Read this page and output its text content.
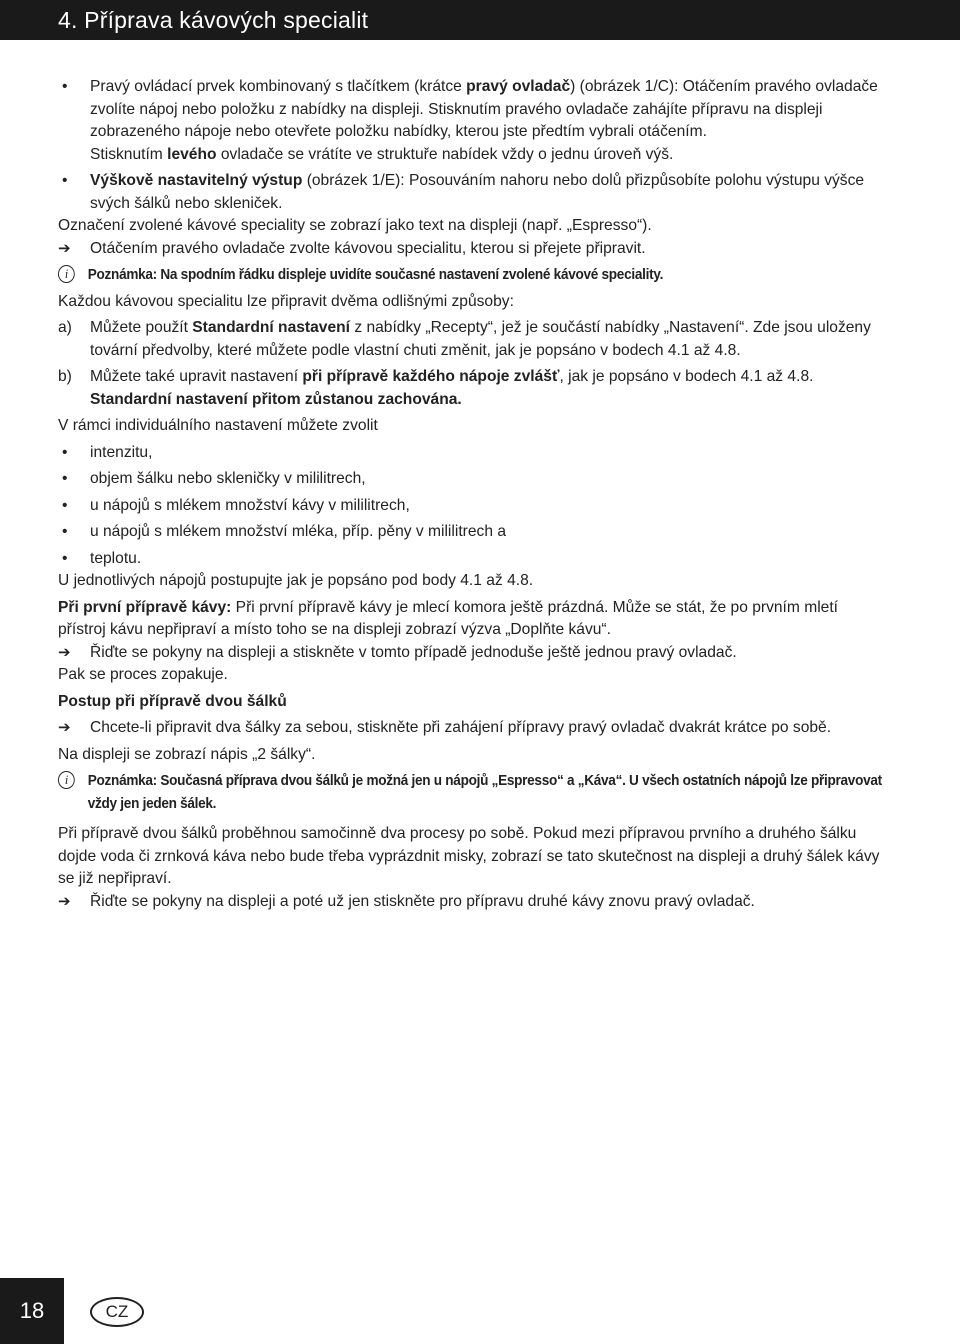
4. Příprava kávových specialit
•	Pravý ovládací prvek kombinovaný s tlačítkem (krátce pravý ovladač) (obrázek 1/C): Otáčením pravého ovladače zvolíte nápoj nebo položku z nabídky na displeji. Stisknutím pravého ovladače zahájíte přípravu na displeji zobrazeného nápoje nebo otevřete položku nabídky, kterou jste předtím vybrali otáčením.

Stisknutím levého ovladače se vrátíte ve struktuře nabídek vždy o jednu úroveň výš.

•	Výškově nastavitelný výstup (obrázek 1/E): Posouváním nahoru nebo dolů přizpůsobíte polohu výstupu výšce svých šálků nebo skleniček.

Označení zvolené kávové speciality se zobrazí jako text na displeji (např. „Espresso“).

➔	Otáčením pravého ovladače zvolte kávovou specialitu, kterou si přejete připravit.

i	Poznámka: Na spodním řádku displeje uvidíte současné nastavení zvolené kávové speciality.

Každou kávovou specialitu lze připravit dvěma odlišnými způsoby:

a)	Můžete použít Standardní nastavení z nabídky „Recepty“, jež je součástí nabídky „Nastavení“. Zde jsou uloženy tovární předvolby, které můžete podle vlastní chuti změnit, jak je popsáno v bodech 4.1 až 4.8.

b)	Můžete také upravit nastavení při přípravě každého nápoje zvlášť, jak je popsáno v bodech 4.1 až 4.8. Standardní nastavení přitom zůstanou zachována.

V rámci individuálního nastavení můžete zvolit

•	intenzitu,

•	objem šálku nebo skleničky v mililitrech,

•	u nápojů s mlékem množství kávy v mililitrech,

•	u nápojů s mlékem množství mléka, příp. pěny v mililitrech a

•	teplotu.

U jednotlivých nápojů postupujte jak je popsáno pod body 4.1 až 4.8.

Při první přípravě kávy: Při první přípravě kávy je mlecí komora ještě prázdná. Může se stát, že po prvním mletí přístroj kávu nepřipraví a místo toho se na displeji zobrazí výzva „Doplňte kávu“.

➔	Řiďte se pokyny na displeji a stiskněte v tomto případě jednoduše ještě jednou pravý ovladač.

Pak se proces zopakuje.

Postup při přípravě dvou šálků

➔	Chcete-li připravit dva šálky za sebou, stiskněte při zahájení přípravy pravý ovladač dvakrát krátce po sobě.

Na displeji se zobrazí nápis „2 šálky“.

i	Poznámka: Současná příprava dvou šálků je možná jen u nápojů „Espresso“ a „Káva“. U všech ostatních nápojů lze připravovat vždy jen jeden šálek.

Při přípravě dvou šálků proběhnou samočinně dva procesy po sobě. Pokud mezi přípravou prvního a druhého šálku dojde voda či zrnková káva nebo bude třeba vyprázdnit misky, zobrazí se tato skutečnost na displeji a druhý šálek kávy se již nepřipraví.

➔	Řiďte se pokyny na displeji a poté už jen stiskněte pro přípravu druhé kávy znovu pravý ovladač.

18	CZ
